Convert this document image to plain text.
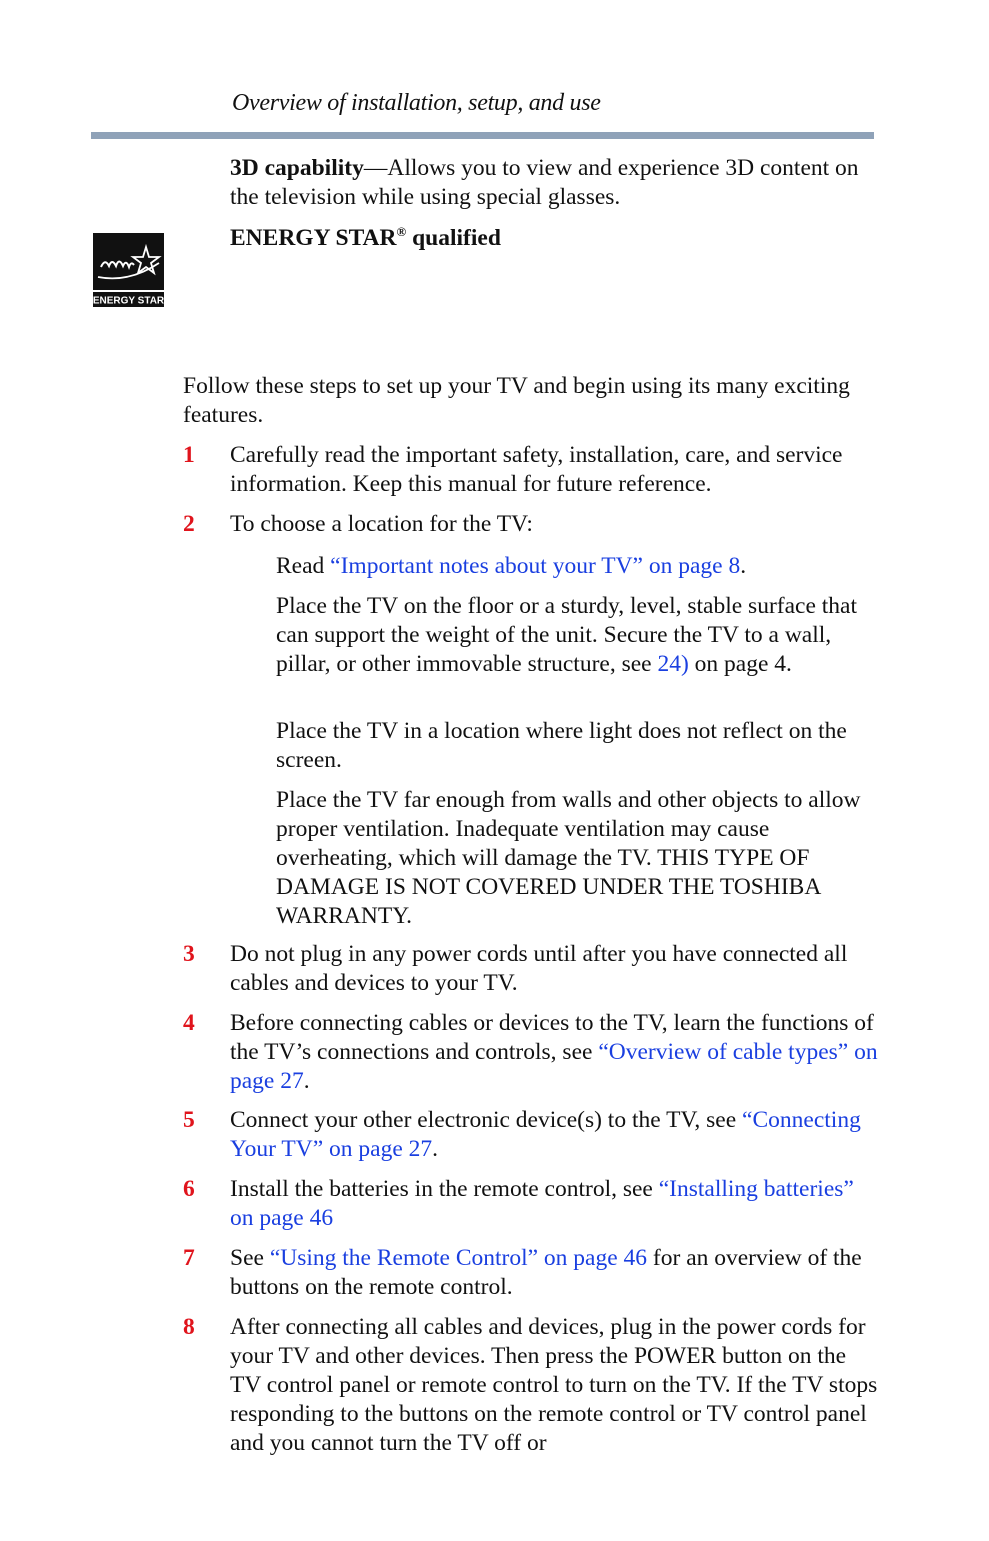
Overview of installation, setup, and use
3D capability—Allows you to view and experience 3D content on the television while using special glasses.
ENERGY STAR® qualified
ENERGY STAR
Follow these steps to set up your TV and begin using its many exciting features.
1 Carefully read the important safety, installation, care, and service information. Keep this manual for future reference.
2 To choose a location for the TV:
Read “Important notes about your TV” on page 8.
Place the TV on the floor or a sturdy, level, stable surface that can support the weight of the unit. Secure the TV to a wall, pillar, or other immovable structure, see 24) on page 4.
Place the TV in a location where light does not reflect on the screen.
Place the TV far enough from walls and other objects to allow proper ventilation. Inadequate ventilation may cause overheating, which will damage the TV. THIS TYPE OF DAMAGE IS NOT COVERED UNDER THE TOSHIBA WARRANTY.
3 Do not plug in any power cords until after you have connected all cables and devices to your TV.
4 Before connecting cables or devices to the TV, learn the functions of the TV’s connections and controls, see “Overview of cable types” on page 27.
5 Connect your other electronic device(s) to the TV, see “Connecting Your TV” on page 27.
6 Install the batteries in the remote control, see “Installing batteries” on page 46
7 See “Using the Remote Control” on page 46 for an overview of the buttons on the remote control.
8 After connecting all cables and devices, plug in the power cords for your TV and other devices. Then press the POWER button on the TV control panel or remote control to turn on the TV. If the TV stops responding to the buttons on the remote control or TV control panel and you cannot turn the TV off or
